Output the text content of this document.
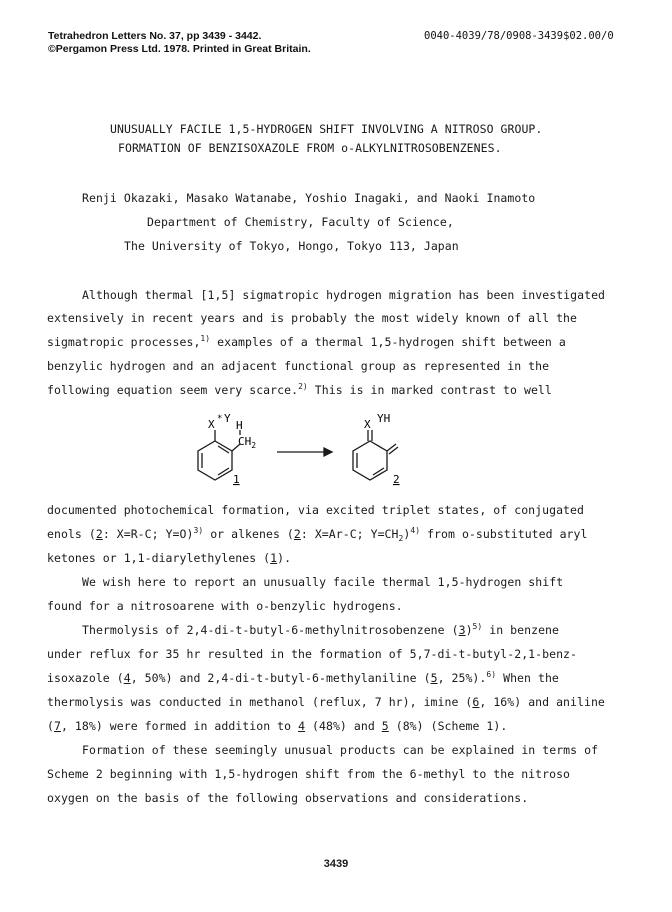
Tetrahedron Letters No. 37, pp 3439 - 3442.
©Pergamon Press Ltd. 1978. Printed in Great Britain.
0040-4039/78/0908-3439$02.00/0
UNUSUALLY FACILE 1,5-HYDROGEN SHIFT INVOLVING A NITROSO GROUP.
FORMATION OF BENZISOXAZOLE FROM o-ALKYLNITROSOBENZENES.
Renji Okazaki, Masako Watanabe, Yoshio Inagaki, and Naoki Inamoto
Department of Chemistry, Faculty of Science,
The University of Tokyo, Hongo, Tokyo 113, Japan
Although thermal [1,5] sigmatropic hydrogen migration has been investigated
extensively in recent years and is probably the most widely known of all the
sigmatropic processes,$^{1)}$ examples of a thermal 1,5-hydrogen shift between a
benzylic hydrogen and an adjacent functional group as represented in the
following equation seem very scarce.$^{2)}$ This is in marked contrast to well
X * Y
H
$CH_2$
1
X YH
2
documented photochemical formation, via excited triplet states, of conjugated
enols (2: X=R-C; Y=O)$^{3)}$ or alkenes (2: X=Ar-C; $Y=CH_2)^{4)}$ from o-substituted aryl
ketones or 1,1-diarylethylenes (1).
We wish here to report an unusually facile thermal 1,5-hydrogen shift
found for a nitrosoarene with o-benzylic hydrogens.
Thermolysis of 2,4-di-t-butyl-6-methylnitrosobenzene $(3)^{5)}$ in benzene
under reflux for 35 hr resulted in the formation of 5,7-di-t-butyl-2,1-benz-
isoxazole (4, 50%) and 2,4-di-t-butyl-6-methylaniline (5, 25%).$^{6)}$ When the
thermolysis was conducted in methanol (reflux, 7 hr), imine (6, 16%) and aniline
(7, 18%) were formed in addition to 4 (48%) and 5 (8%) (Scheme 1).
Formation of these seemingly unusual products can be explained in terms of
Scheme 2 beginning with 1,5-hydrogen shift from the 6-methyl to the nitroso
oxygen on the basis of the following observations and considerations.
3439
